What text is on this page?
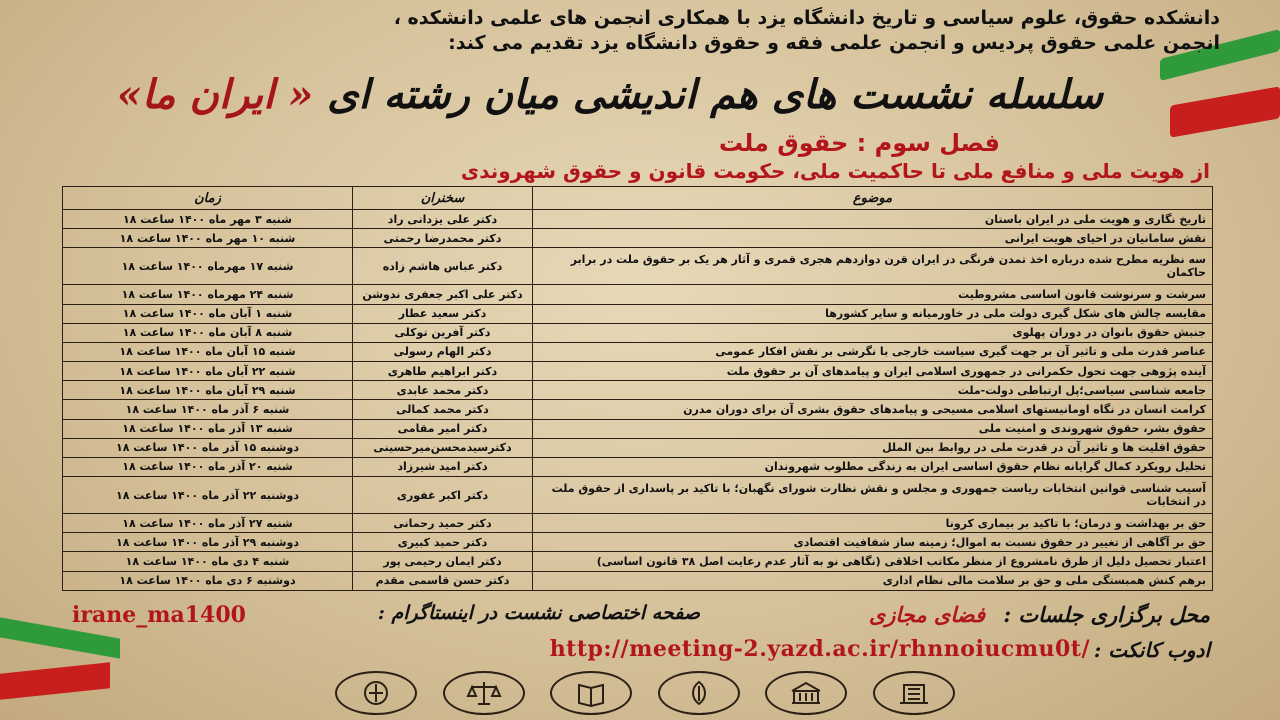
دانشکده حقوق، علوم سیاسی و تاریخ دانشگاه یزد با همکاری انجمن های علمی دانشکده ،
انجمن علمی حقوق پردیس و انجمن علمی فقه و حقوق دانشگاه یزد تقدیم می کند:
سلسله نشست های هم اندیشی میان رشته ای « ایران ما»
فصل سوم : حقوق ملت
از هویت ملی و منافع ملی تا حاکمیت ملی، حکومت قانون و حقوق شهروندی
موضوع	سخنران	زمان
تاریخ نگاری و هویت ملی در ایران باستان	دکتر علی یزدانی راد	شنبه ۳ مهر ماه ۱۴۰۰ ساعت ۱۸
نقش سامانیان در احیای هویت ایرانی	دکتر محمدرضا رحمتی	شنبه ۱۰ مهر ماه ۱۴۰۰ ساعت ۱۸
سه نظریه مطرح شده درباره اخذ تمدن فرنگی در ایران قرن دوازدهم هجری قمری و آثار هر یک بر حقوق ملت در برابر حاکمان	دکتر عباس هاشم زاده	شنبه ۱۷ مهرماه ۱۴۰۰ ساعت ۱۸
سرشت و سرنوشت قانون اساسی مشروطیت	دکتر علی اکبر جعفری ندوشن	شنبه ۲۴ مهرماه ۱۴۰۰ ساعت ۱۸
مقایسه چالش های شکل گیری دولت ملی در خاورمیانه و سایر کشورها	دکتر سعید عطار	شنبه ۱ آبان ماه ۱۴۰۰ ساعت ۱۸
جنبش حقوق بانوان در دوران پهلوی	دکتر آفرین توکلی	شنبه ۸ آبان ماه ۱۴۰۰ ساعت ۱۸
عناصر قدرت ملی و تاثیر آن بر جهت گیری سیاست خارجی با نگرشی بر نقش افکار عمومی	دکتر الهام رسولی	شنبه ۱۵ آبان ماه ۱۴۰۰ ساعت ۱۸
آینده پژوهی جهت تحول حکمرانی در جمهوری اسلامی ایران و پیامدهای آن بر حقوق ملت	دکتر ابراهیم طاهری	شنبه ۲۲ آبان ماه ۱۴۰۰ ساعت ۱۸
جامعه شناسی سیاسی؛پل ارتباطی دولت-ملت	دکتر محمد عابدی	شنبه ۲۹ آبان ماه ۱۴۰۰ ساعت ۱۸
کرامت انسان در نگاه اومانیستهای اسلامی مسیحی و پیامدهای حقوق بشری آن برای دوران مدرن	دکتر محمد کمالی	شنبه ۶ آذر ماه ۱۴۰۰ ساعت ۱۸
حقوق بشر، حقوق شهروندی و امنیت ملی	دکتر امیر مقامی	شنبه ۱۳ آذر ماه ۱۴۰۰ ساعت ۱۸
حقوق اقلیت ها و تاثیر آن در قدرت ملی در روابط بین الملل	دکترسیدمحسن‌میرحسینی	دوشنبه ۱۵ آذر ماه ۱۴۰۰ ساعت ۱۸
تحلیل رویکرد کمال گرایانه نظام حقوق اساسی ایران به زندگی مطلوب شهروندان	دکتر امید شیرزاد	شنبه ۲۰ آذر ماه ۱۴۰۰ ساعت ۱۸
آسیب شناسی قوانین انتخابات ریاست جمهوری و مجلس و نقش نظارت شورای نگهبان؛ با تاکید بر پاسداری از حقوق ملت در انتخابات	دکتر اکبر غفوری	دوشنبه ۲۲ آذر ماه ۱۴۰۰ ساعت ۱۸
حق بر بهداشت و درمان؛ با تاکید بر بیماری کرونا	دکتر حمید رحمانی	شنبه ۲۷ آذر ماه ۱۴۰۰ ساعت ۱۸
حق بر آگاهی از تغییر در حقوق نسبت به اموال؛ زمینه ساز شفافیت اقتصادی	دکتر حمید کبیری	دوشنبه ۲۹ آذر ماه ۱۴۰۰ ساعت ۱۸
اعتبار تحصیل دلیل از طرق نامشروع از منظر مکاتب اخلاقی (نگاهی نو به آثار عدم رعایت اصل ۳۸ قانون اساسی)	دکتر ایمان رحیمی پور	شنبه ۴ دی ماه ۱۴۰۰ ساعت ۱۸
برهم کنش همبستگی ملی و حق بر سلامت مالی نظام اداری	دکتر حسن قاسمی مقدم	دوشنبه ۶ دی ماه ۱۴۰۰ ساعت ۱۸
محل برگزاری جلسات :
فضای مجازی
صفحه اختصاصی نشست در اینستاگرام :
irane_ma1400
ادوب کانکت :
http://meeting-2.yazd.ac.ir/rhnnoiucmu0t/
